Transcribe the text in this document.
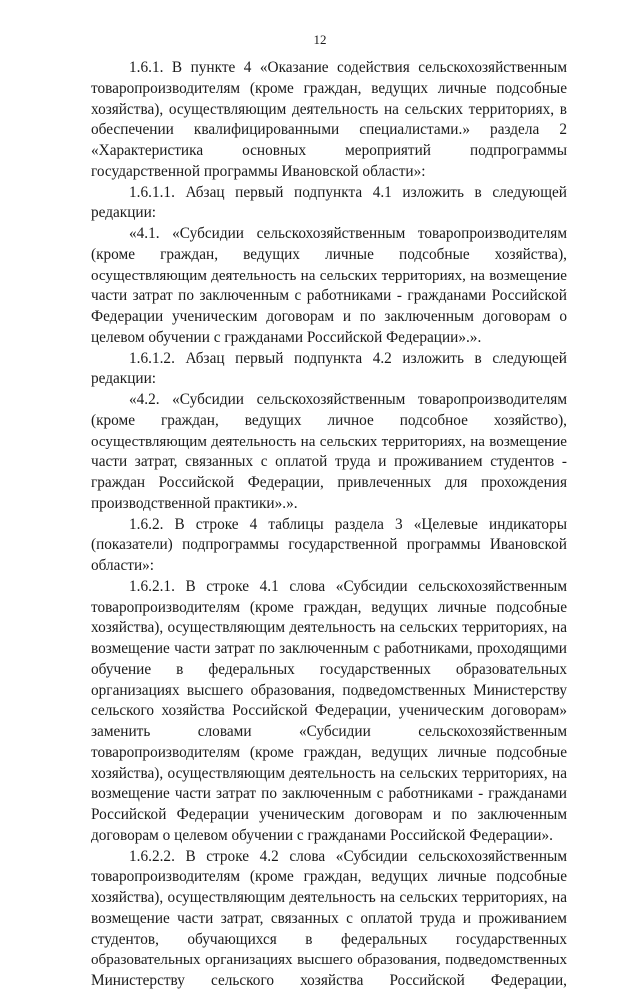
12
1.6.1. В пункте 4 «Оказание содействия сельскохозяйственным
товаропроизводителям (кроме граждан, ведущих личные подсобные
хозяйства), осуществляющим деятельность на сельских территориях, в
обеспечении квалифицированными специалистами.» раздела 2
«Характеристика основных мероприятий подпрограммы
государственной программы Ивановской области»:
1.6.1.1. Абзац первый подпункта 4.1 изложить в следующей
редакции:
«4.1. «Субсидии сельскохозяйственным товаропроизводителям
(кроме граждан, ведущих личные подсобные хозяйства),
осуществляющим деятельность на сельских территориях, на возмещение
части затрат по заключенным с работниками - гражданами Российской
Федерации ученическим договорам и по заключенным договорам о
целевом обучении с гражданами Российской Федерации».».
1.6.1.2. Абзац первый подпункта 4.2 изложить в следующей
редакции:
«4.2. «Субсидии сельскохозяйственным товаропроизводителям
(кроме граждан, ведущих личное подсобное хозяйство),
осуществляющим деятельность на сельских территориях, на возмещение
части затрат, связанных с оплатой труда и проживанием студентов -
граждан Российской Федерации, привлеченных для прохождения
производственной практики».».
1.6.2. В строке 4 таблицы раздела 3 «Целевые индикаторы
(показатели) подпрограммы государственной программы Ивановской
области»:
1.6.2.1. В строке 4.1 слова «Субсидии сельскохозяйственным
товаропроизводителям (кроме граждан, ведущих личные подсобные
хозяйства), осуществляющим деятельность на сельских территориях, на
возмещение части затрат по заключенным с работниками, проходящими
обучение в федеральных государственных образовательных
организациях высшего образования, подведомственных Министерству
сельского хозяйства Российской Федерации, ученическим договорам»
заменить словами «Субсидии сельскохозяйственным
товаропроизводителям (кроме граждан, ведущих личные подсобные
хозяйства), осуществляющим деятельность на сельских территориях, на
возмещение части затрат по заключенным с работниками - гражданами
Российской Федерации ученическим договорам и по заключенным
договорам о целевом обучении с гражданами Российской Федерации».
1.6.2.2. В строке 4.2 слова «Субсидии сельскохозяйственным
товаропроизводителям (кроме граждан, ведущих личные подсобные
хозяйства), осуществляющим деятельность на сельских территориях, на
возмещение части затрат, связанных с оплатой труда и проживанием
студентов, обучающихся в федеральных государственных
образовательных организациях высшего образования, подведомственных
Министерству сельского хозяйства Российской Федерации,
